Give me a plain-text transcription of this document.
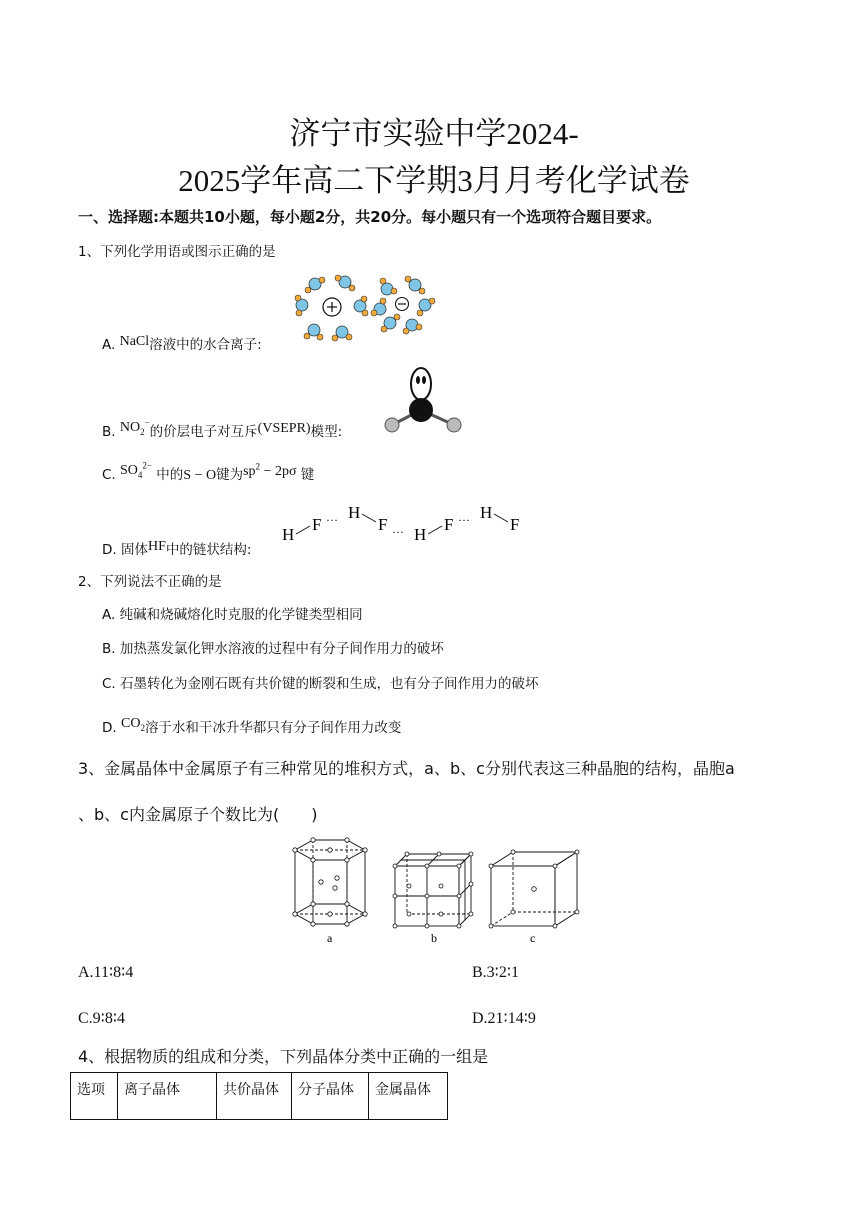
济宁市实验中学2024-
2025学年高二下学期3月月考化学试卷
一、选择题:本题共10小题，每小题2分，共20分。每小题只有一个选项符合题目要求。
1、下列化学用语或图示正确的是
A. NaCl溶液中的水合离子:
B. $NO_2^-$的价层电子对互斥(VSEPR)模型:
C. $SO_4^{2-}$ 中的S − O键为$sp^2 - 2p\sigma$ 键
D. 固体HF中的链状结构:
H
F ··· H
F ··· H
F ··· H
F
2、下列说法不正确的是
A. 纯碱和烧碱熔化时克服的化学键类型相同
B. 加热蒸发氯化钾水溶液的过程中有分子间作用力的破坏
C. 石墨转化为金刚石既有共价键的断裂和生成，也有分子间作用力的破坏
D. $CO_2$溶于水和干冰升华都只有分子间作用力改变
3、金属晶体中金属原子有三种常见的堆积方式，a、b、c分别代表这三种晶胞的结构，晶胞a
、b、c内金属原子个数比为(　　)
a	b	c
A.11∶8∶4	B.3∶2∶1
C.9∶8∶4	D.21∶14∶9
4、根据物质的组成和分类，下列晶体分类中正确的一组是
选项	离子晶体	共价晶体	分子晶体	金属晶体
